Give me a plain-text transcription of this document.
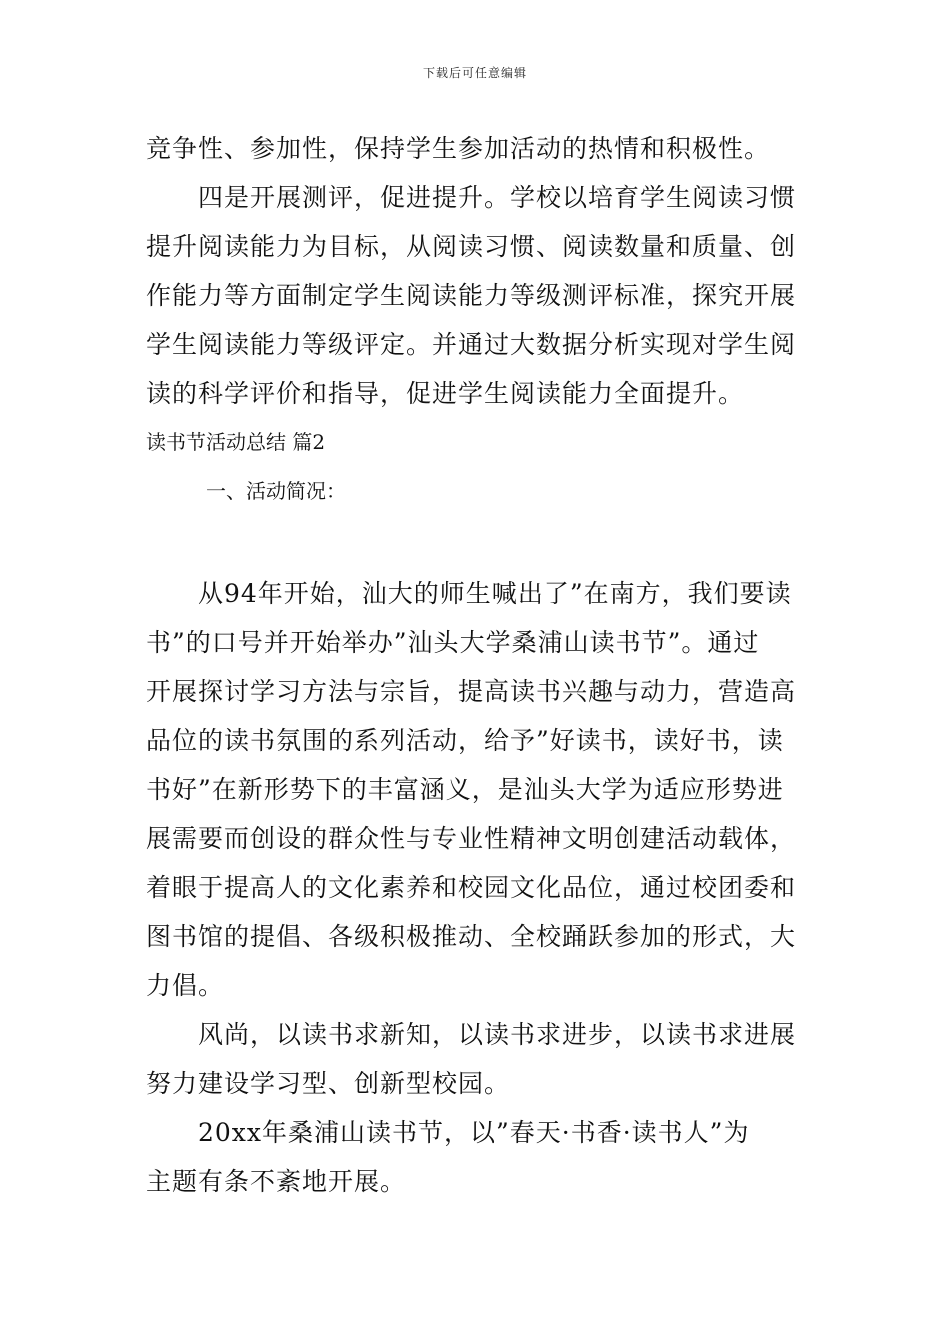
下载后可任意编辑
竞争性、参加性，保持学生参加活动的热情和积极性。
四是开展测评，促进提升。学校以培育学生阅读习惯
提升阅读能力为目标，从阅读习惯、阅读数量和质量、创
作能力等方面制定学生阅读能力等级测评标准，探究开展
学生阅读能力等级评定。并通过大数据分析实现对学生阅
读的科学评价和指导，促进学生阅读能力全面提升。
读书节活动总结 篇2
一、活动简况：
从94年开始，汕大的师生喊出了”在南方，我们要读
书”的口号并开始举办”汕头大学桑浦山读书节”。通过
开展探讨学习方法与宗旨，提高读书兴趣与动力，营造高
品位的读书氛围的系列活动，给予”好读书，读好书，读
书好”在新形势下的丰富涵义，是汕头大学为适应形势进
展需要而创设的群众性与专业性精神文明创建活动载体，
着眼于提高人的文化素养和校园文化品位，通过校团委和
图书馆的提倡、各级积极推动、全校踊跃参加的形式，大
力倡。
风尚，以读书求新知，以读书求进步，以读书求进展
努力建设学习型、创新型校园。
20xx年桑浦山读书节，以”春天·书香·读书人”为
主题有条不紊地开展。
